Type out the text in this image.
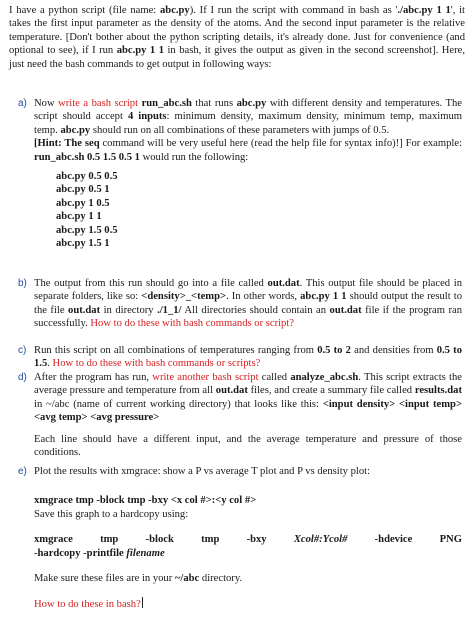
I have a python script (file name: abc.py). If I run the script with command in bash as './abc.py 1 1', it takes the first input parameter as the density of the atoms. And the second input parameter is the relative temperature. [Don't bother about the python scripting details, it's already done. Just for convenience (and optional to see), if I run abc.py 1 1 in bash, it gives the output as given in the second screenshot]. Here, just need the bash commands to get output in following ways:
a) Now write a bash script run_abc.sh that runs abc.py with different density and temperatures. The script should accept 4 inputs: minimum density, maximum density, minimum temp, maximum temp. abc.py should run on all combinations of these parameters with jumps of 0.5.
[Hint: The seq command will be very useful here (read the help file for syntax info)!] For example: run_abc.sh 0.5 1.5 0.5 1 would run the following:
abc.py 0.5 0.5
abc.py 0.5 1
abc.py 1 0.5
abc.py 1 1
abc.py 1.5 0.5
abc.py 1.5 1
b) The output from this run should go into a file called out.dat. This output file should be placed in separate folders, like so: <density>_<temp>. In other words, abc.py 1 1 should output the result to the file out.dat in directory ./1_1/ All directories should contain an out.dat file if the program ran successfully. How to do these with bash commands or script?
c) Run this script on all combinations of temperatures ranging from 0.5 to 2 and densities from 0.5 to 1.5. How to do these with bash commands or scripts?
d) After the program has run, write another bash script called analyze_abc.sh. This script extracts the average pressure and temperature from all out.dat files, and create a summary file called results.dat in ~/abc (name of current working directory) that looks like this: <input density> <input temp> <avg temp> <avg pressure>
Each line should have a different input, and the average temperature and pressure of those conditions.
e) Plot the results with xmgrace: show a P vs average T plot and P vs density plot:
xmgrace tmp -block tmp -bxy <x col #>:<y col #>
Save this graph to a hardcopy using:
xmgrace	tmp	-block	tmp	-bxy	Xcol#:Ycol#	-hdevice	PNG
-hardcopy -printfile filename
Make sure these files are in your ~/abc directory.
How to do these in bash?
